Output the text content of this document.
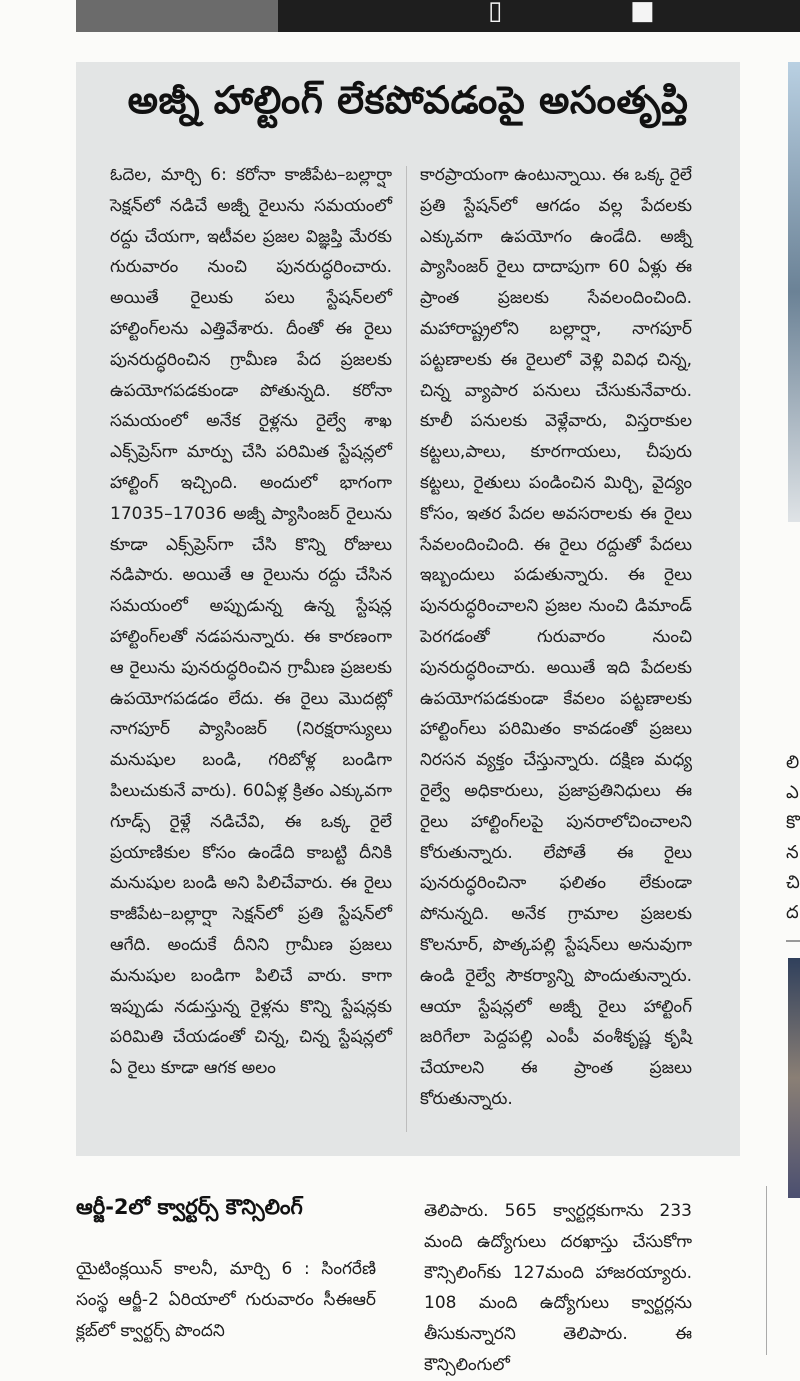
▯	■
అజ్నీ హాల్టింగ్ లేకపోవడంపై అసంతృప్తి

ఓదెల, మార్చి 6: కరోనా కాజీపేట–బల్లార్షా సెక్షన్‌లో నడిచే అజ్నీ రైలును సమయంలో రద్దు చేయగా, ఇటీవల ప్రజల విజ్ఞప్తి మేరకు గురువారం నుంచి పునరుద్ధరించారు. అయితే రైలుకు పలు స్టేషన్‌లలో హాల్టింగ్‌లను ఎత్తివేశారు. దీంతో ఈ రైలు పునరుద్ధరించిన గ్రామీణ పేద ప్రజలకు ఉపయోగపడకుండా పోతున్నది. కరోనా సమయంలో అనేక రైళ్లను రైల్వే శాఖ ఎక్స్‌ప్రెస్‌గా మార్పు చేసి పరిమిత స్టేషన్లలో హాల్టింగ్ ఇచ్చింది. అందులో భాగంగా 17035–17036 అజ్నీ ప్యాసింజర్ రైలును కూడా ఎక్స్‌ప్రెస్‌గా చేసి కొన్ని రోజులు నడిపారు. అయితే ఆ రైలును రద్దు చేసిన సమయంలో అప్పుడున్న ఉన్న స్టేషన్ల హాల్టింగ్‌లతో నడపనున్నారు. ఈ కారణంగా ఆ రైలును పునరుద్ధరించిన గ్రామీణ ప్రజలకు ఉపయోగపడడం లేదు. ఈ రైలు మొదట్లో నాగపూర్ ప్యాసింజర్ (నిరక్షరాస్యులు మనుషుల బండి, గరిబోళ్ల బండిగా పిలుచుకునే వారు). 60ఏళ్ల క్రితం ఎక్కువగా గూడ్స్ రైళ్లే నడిచేవి, ఈ ఒక్క రైలే ప్రయాణికుల కోసం ఉండేది కాబట్టి దీనికి మనుషుల బండి అని పిలిచేవారు. ఈ రైలు కాజీపేట–బల్లార్షా సెక్షన్‌లో ప్రతి స్టేషన్‌లో ఆగేది. అందుకే దీనిని గ్రామీణ ప్రజలు మనుషుల బండిగా పిలిచే వారు. కాగా ఇప్పుడు నడుస్తున్న రైళ్లను కొన్ని స్టేషన్లకు పరిమితి చేయడంతో చిన్న, చిన్న స్టేషన్లలో ఏ రైలు కూడా ఆగక అలం

కారప్రాయంగా ఉంటున్నాయి. ఈ ఒక్క రైలే ప్రతి స్టేషన్‌లో ఆగడం వల్ల పేదలకు ఎక్కువగా ఉపయోగం ఉండేది. అజ్నీ ప్యాసింజర్ రైలు దాదాపుగా 60 ఏళ్లు ఈ ప్రాంత ప్రజలకు సేవలందించింది. మహారాష్ట్రలోని బల్లార్షా, నాగపూర్ పట్టణాలకు ఈ రైలులో వెళ్లి వివిధ చిన్న, చిన్న వ్యాపార పనులు చేసుకునేవారు. కూలీ పనులకు వెళ్లేవారు, విస్తరాకుల కట్టలు,పాలు, కూరగాయలు, చీపురు కట్టలు, రైతులు పండించిన మిర్చి, వైద్యం కోసం, ఇతర పేదల అవసరాలకు ఈ రైలు సేవలందించింది. ఈ రైలు రద్దుతో పేదలు ఇబ్బందులు పడుతున్నారు. ఈ రైలు పునరుద్ధరించాలని ప్రజల నుంచి డిమాండ్ పెరగడంతో గురువారం నుంచి పునరుద్ధరించారు. అయితే ఇది పేదలకు ఉపయోగపడకుండా కేవలం పట్టణాలకు హాల్టింగ్‌లు పరిమితం కావడంతో ప్రజలు నిరసన వ్యక్తం చేస్తున్నారు. దక్షిణ మధ్య రైల్వే అధికారులు, ప్రజాప్రతినిధులు ఈ రైలు హాల్టింగ్‌లపై పునరాలోచించాలని కోరుతున్నారు. లేపోతే ఈ రైలు పునరుద్ధరించినా ఫలితం లేకుండా పోనున్నది. అనేక గ్రామాల ప్రజలకు కొలనూర్, పొత్కపల్లి స్టేషన్‌లు అనువుగా ఉండి రైల్వే సౌకర్యాన్ని పొందుతున్నారు. ఆయా స్టేషన్లలో అజ్నీ రైలు హాల్టింగ్ జరిగేలా పెద్దపల్లి ఎంపీ వంశీకృష్ణ కృషి చేయాలని ఈ ప్రాంత ప్రజలు కోరుతున్నారు.

లి
ఎ
కొ
న
చి
ద
ఆర్జీ-2లో క్వార్టర్స్ కౌన్సిలింగ్

యైటింక్లయిన్ కాలనీ, మార్చి 6 : సింగరేణి సంస్థ ఆర్జీ-2 ఏరియాలో గురువారం సీఈఆర్ క్లబ్‌లో క్వార్టర్స్ పొందని

తెలిపారు. 565 క్వార్టర్లకుగాను 233 మంది ఉద్యోగులు దరఖాస్తు చేసుకోగా కౌన్సిలింగ్‌కు 127మంది హాజరయ్యారు. 108 మంది ఉద్యోగులు క్వార్టర్లను తీసుకున్నారని తెలిపారు. ఈ కౌన్సిలింగులో
